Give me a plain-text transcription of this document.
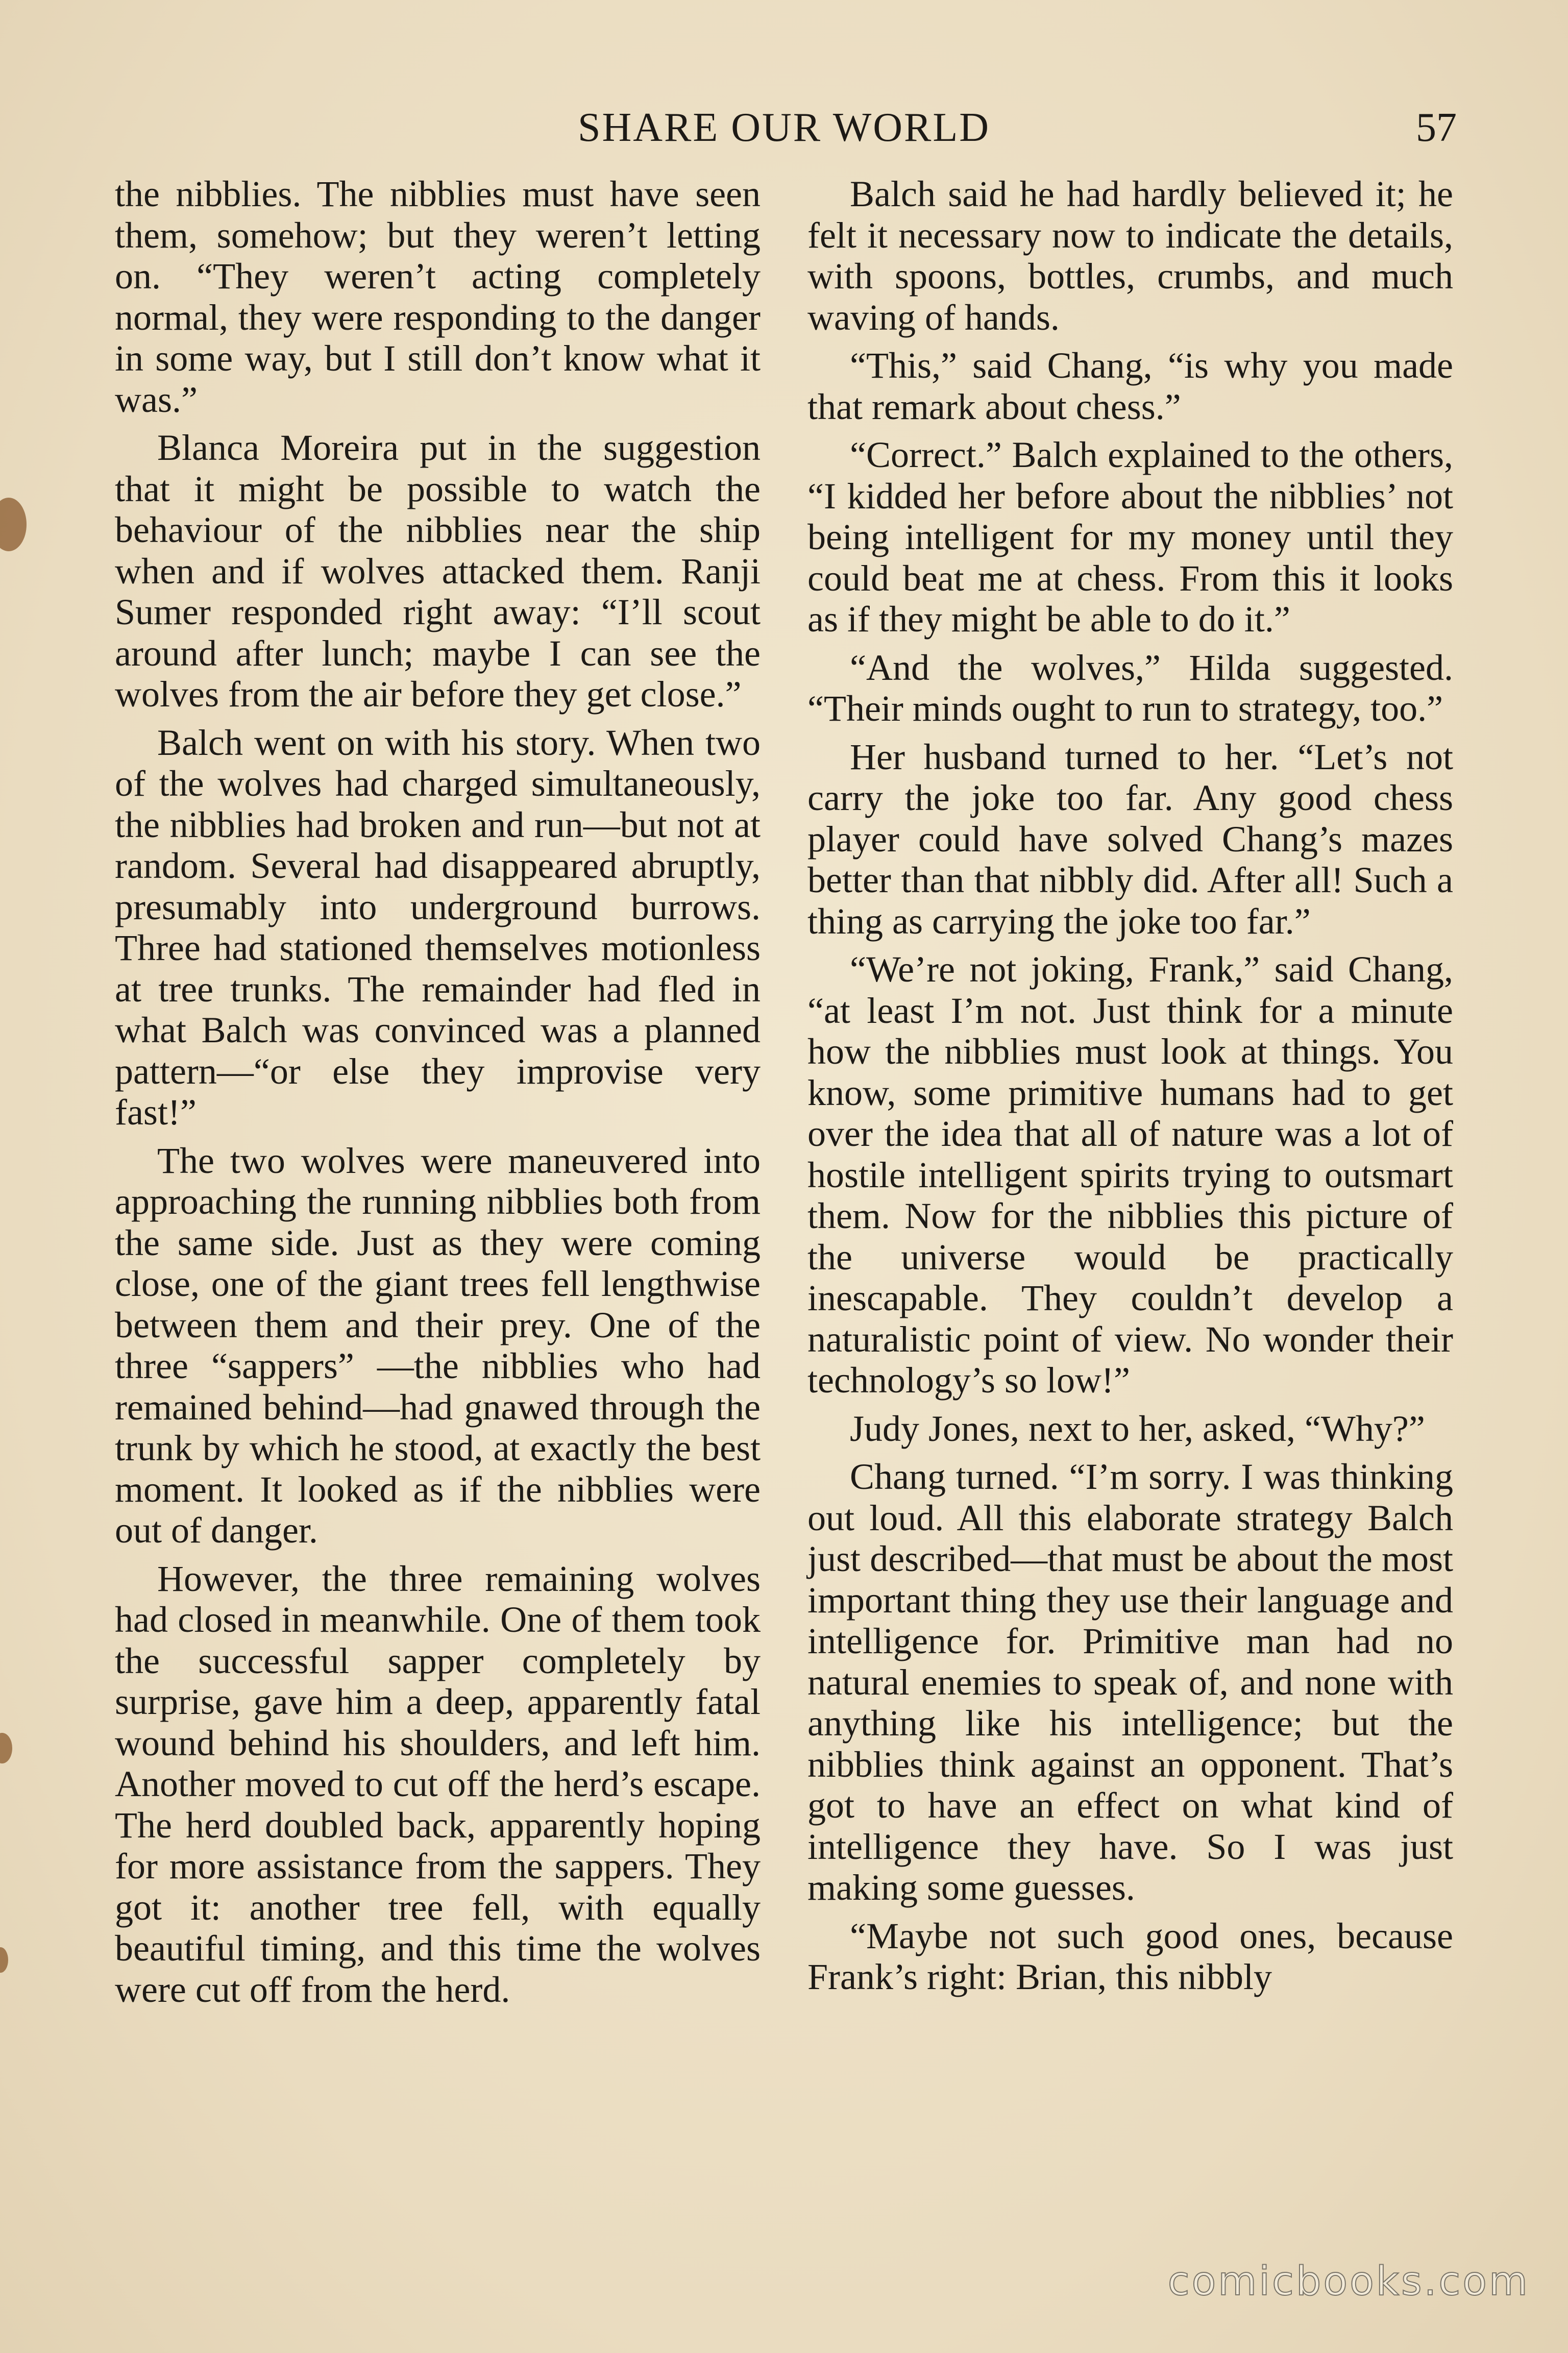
SHARE OUR WORLD	57

the nibblies. The nibblies must have seen them, somehow; but they weren’t letting on. “They weren’t acting completely normal, they were responding to the danger in some way, but I still don’t know what it was.”

Blanca Moreira put in the suggestion that it might be possible to watch the behaviour of the nibblies near the ship when and if wolves attacked them. Ranji Sumer responded right away: “I’ll scout around after lunch; maybe I can see the wolves from the air before they get close.”

Balch went on with his story. When two of the wolves had charged simultaneously, the nibblies had broken and run—but not at random. Several had disappeared abruptly, presumably into underground burrows. Three had stationed themselves motionless at tree trunks. The remainder had fled in what Balch was convinced was a planned pattern—“or else they improvise very fast!”

The two wolves were maneuvered into approaching the running nibblies both from the same side. Just as they were coming close, one of the giant trees fell lengthwise between them and their prey. One of the three “sappers” —the nibblies who had remained behind—had gnawed through the trunk by which he stood, at exactly the best moment. It looked as if the nibblies were out of danger.

However, the three remaining wolves had closed in meanwhile. One of them took the successful sapper completely by surprise, gave him a deep, apparently fatal wound behind his shoulders, and left him. Another moved to cut off the herd’s escape. The herd doubled back, apparently hoping for more assistance from the sappers. They got it: another tree fell, with equally beautiful timing, and this time the wolves were cut off from the herd.

Balch said he had hardly believed it; he felt it necessary now to indicate the details, with spoons, bottles, crumbs, and much waving of hands.

“This,” said Chang, “is why you made that remark about chess.”

“Correct.” Balch explained to the others, “I kidded her before about the nibblies’ not being intelligent for my money until they could beat me at chess. From this it looks as if they might be able to do it.”

“And the wolves,” Hilda suggested. “Their minds ought to run to strategy, too.”

Her husband turned to her. “Let’s not carry the joke too far. Any good chess player could have solved Chang’s mazes better than that nibbly did. After all! Such a thing as carrying the joke too far.”

“We’re not joking, Frank,” said Chang, “at least I’m not. Just think for a minute how the nibblies must look at things. You know, some primitive humans had to get over the idea that all of nature was a lot of hostile intelligent spirits trying to outsmart them. Now for the nibblies this picture of the universe would be practically inescapable. They couldn’t develop a naturalistic point of view. No wonder their technology’s so low!”

Judy Jones, next to her, asked, “Why?”

Chang turned. “I’m sorry. I was thinking out loud. All this elaborate strategy Balch just described—that must be about the most important thing they use their language and intelligence for. Primitive man had no natural enemies to speak of, and none with anything like his intelligence; but the nibblies think against an opponent. That’s got to have an effect on what kind of intelligence they have. So I was just making some guesses.

“Maybe not such good ones, because Frank’s right: Brian, this nibbly

comicbooks.com
